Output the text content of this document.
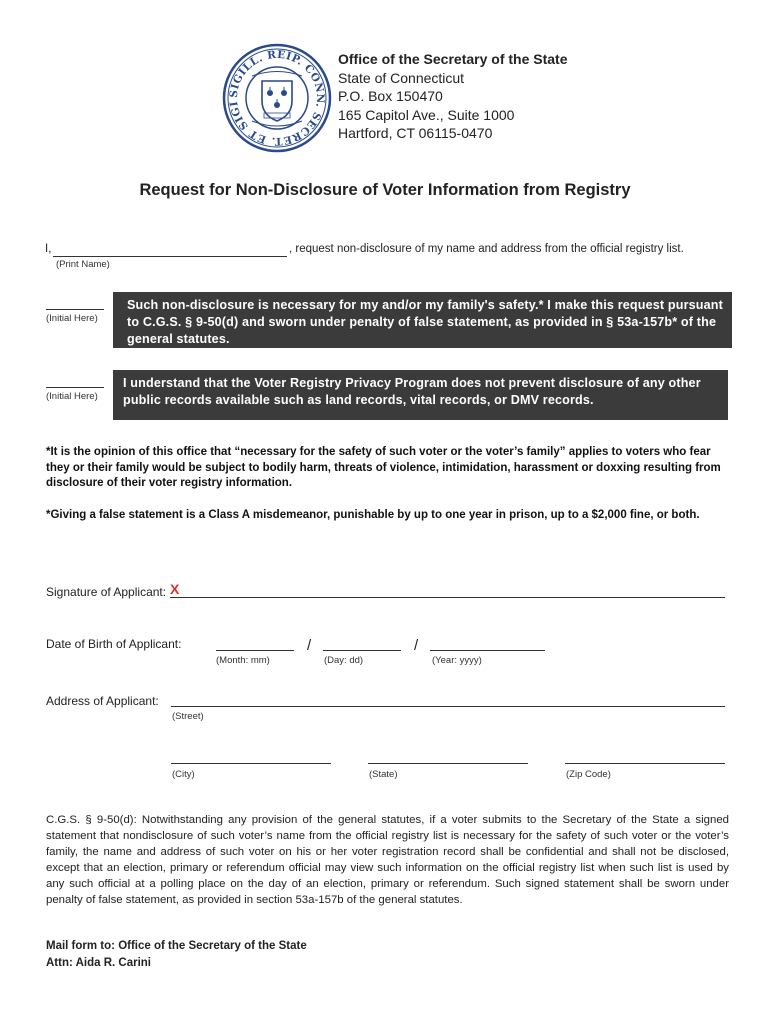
SIGILL. REIP. CONN. SECRET. ET SIGI
Office of the Secretary of the State
State of Connecticut
P.O. Box 150470
165 Capitol Ave., Suite 1000
Hartford, CT 06115-0470
Request for Non-Disclosure of Voter Information from Registry
I,	, request non-disclosure of my name and address from the official registry list.
(Print Name)
(Initial Here)
Such non-disclosure is necessary for my and/or my family's safety.* I make this request pursuant to C.G.S. § 9-50(d) and sworn under penalty of false statement, as provided in § 53a-157b* of the general statutes.
(Initial Here)
I understand that the Voter Registry Privacy Program does not prevent disclosure of any other public records available such as land records, vital records, or DMV records.
*It is the opinion of this office that “necessary for the safety of such voter or the voter’s family” applies to voters who fear they or their family would be subject to bodily harm, threats of violence, intimidation, harassment or doxxing resulting from disclosure of their voter registry information.
*Giving a false statement is a Class A misdemeanor, punishable by up to one year in prison, up to a $2,000 fine, or both.
Signature of Applicant: X
Date of Birth of Applicant:	/	/
(Month: mm)	(Day: dd)	(Year: yyyy)
Address of Applicant:
(Street)
(City)	(State)	(Zip Code)
C.G.S. § 9-50(d): Notwithstanding any provision of the general statutes, if a voter submits to the Secretary of the State a signed statement that nondisclosure of such voter’s name from the official registry list is necessary for the safety of such voter or the voter’s family, the name and address of such voter on his or her voter registration record shall be confidential and shall not be disclosed, except that an election, primary or referendum official may view such information on the official registry list when such list is used by any such official at a polling place on the day of an election, primary or referendum. Such signed statement shall be sworn under penalty of false statement, as provided in section 53a-157b of the general statutes.
Mail form to: Office of the Secretary of the State
Attn: Aida R. Carini
